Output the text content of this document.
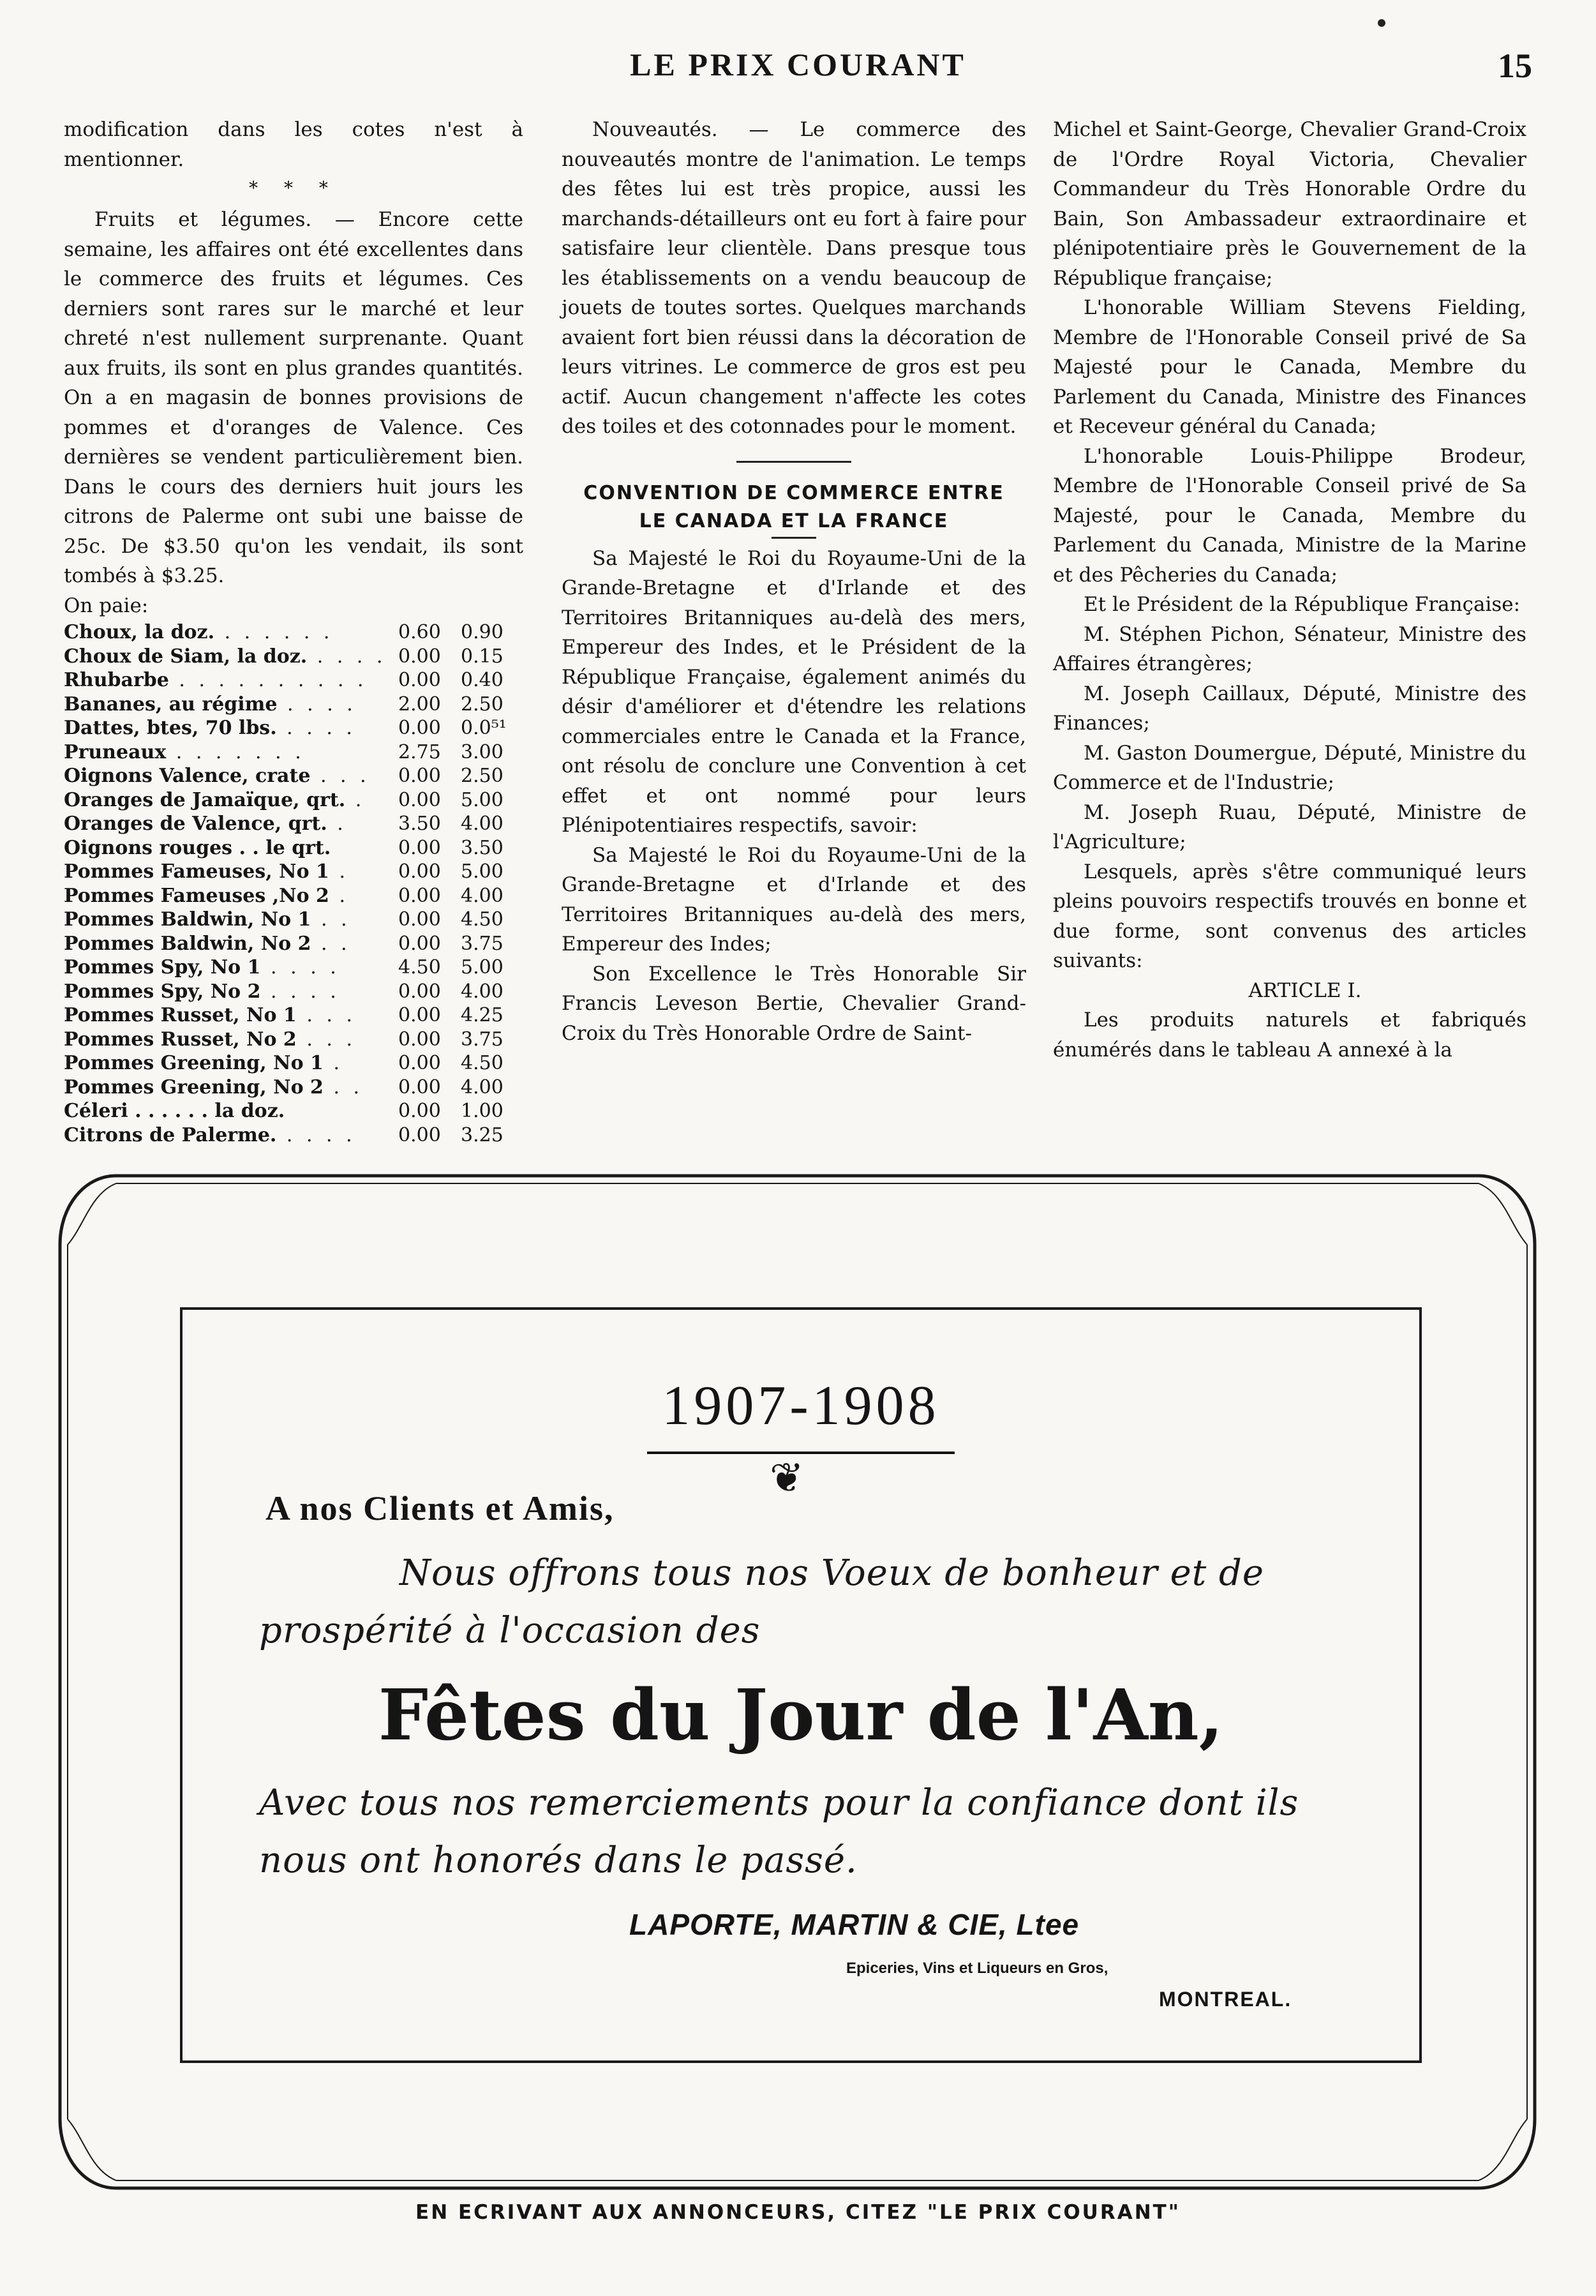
LE PRIX COURANT	15

modification dans les cotes n'est à mentionner.

* * *

Fruits et légumes. — Encore cette semaine, les affaires ont été excellentes dans le commerce des fruits et légumes. Ces derniers sont rares sur le marché et leur chreté n'est nullement surprenante. Quant aux fruits, ils sont en plus grandes quantités. On a en magasin de bonnes provisions de pommes et d'oranges de Valence. Ces dernières se vendent particulièrement bien. Dans le cours des derniers huit jours les citrons de Palerme ont subi une baisse de 25c. De $3.50 qu'on les vendait, ils sont tombés à $3.25.

On paie:

Choux, la doz. . . . . . .	0.60	0.90
Choux de Siam, la doz. . . . .	0.00	0.15
Rhubarbe . . . . . . . . . .	0.00	0.40
Bananes, au régime . . . .	2.00	2.50
Dattes, btes, 70 lbs. . . . .	0.00	0.0⁵¹
Pruneaux . . . . . . .	2.75	3.00
Oignons Valence, crate . . .	0.00	2.50
Oranges de Jamaïque, qrt. .	0.00	5.00
Oranges de Valence, qrt. .	3.50	4.00
Oignons rouges . . le qrt.	0.00	3.50
Pommes Fameuses, No 1 .	0.00	5.00
Pommes Fameuses ,No 2 .	0.00	4.00
Pommes Baldwin, No 1 . .	0.00	4.50
Pommes Baldwin, No 2 . .	0.00	3.75
Pommes Spy, No 1 . . . .	4.50	5.00
Pommes Spy, No 2 . . . .	0.00	4.00
Pommes Russet, No 1 . . .	0.00	4.25
Pommes Russet, No 2 . . .	0.00	3.75
Pommes Greening, No 1 .	0.00	4.50
Pommes Greening, No 2 . .	0.00	4.00
Céleri . . . . . . la doz.	0.00	1.00
Citrons de Palerme. . . . .	0.00	3.25

Nouveautés. — Le commerce des nouveautés montre de l'animation. Le temps des fêtes lui est très propice, aussi les marchands-détailleurs ont eu fort à faire pour satisfaire leur clientèle. Dans presque tous les établissements on a vendu beaucoup de jouets de toutes sortes. Quelques marchands avaient fort bien réussi dans la décoration de leurs vitrines. Le commerce de gros est peu actif. Aucun changement n'affecte les cotes des toiles et des cotonnades pour le moment.

CONVENTION DE COMMERCE ENTRE
LE CANADA ET LA FRANCE

Sa Majesté le Roi du Royaume-Uni de la Grande-Bretagne et d'Irlande et des Territoires Britanniques au-delà des mers, Empereur des Indes, et le Président de la République Française, également animés du désir d'améliorer et d'étendre les relations commerciales entre le Canada et la France, ont résolu de conclure une Convention à cet effet et ont nommé pour leurs Plénipotentiaires respectifs, savoir:

Sa Majesté le Roi du Royaume-Uni de la Grande-Bretagne et d'Irlande et des Territoires Britanniques au-delà des mers, Empereur des Indes;

Son Excellence le Très Honorable Sir Francis Leveson Bertie, Chevalier Grand-Croix du Très Honorable Ordre de Saint-

Michel et Saint-George, Chevalier Grand-Croix de l'Ordre Royal Victoria, Chevalier Commandeur du Très Honorable Ordre du Bain, Son Ambassadeur extraordinaire et plénipotentiaire près le Gouvernement de la République française;

L'honorable William Stevens Fielding, Membre de l'Honorable Conseil privé de Sa Majesté pour le Canada, Membre du Parlement du Canada, Ministre des Finances et Receveur général du Canada;

L'honorable Louis-Philippe Brodeur, Membre de l'Honorable Conseil privé de Sa Majesté, pour le Canada, Membre du Parlement du Canada, Ministre de la Marine et des Pêcheries du Canada;

Et le Président de la République Française:

M. Stéphen Pichon, Sénateur, Ministre des Affaires étrangères;

M. Joseph Caillaux, Député, Ministre des Finances;

M. Gaston Doumergue, Député, Ministre du Commerce et de l'Industrie;

M. Joseph Ruau, Député, Ministre de l'Agriculture;

Lesquels, après s'être communiqué leurs pleins pouvoirs respectifs trouvés en bonne et due forme, sont convenus des articles suivants:

ARTICLE I.

Les produits naturels et fabriqués énumérés dans le tableau A annexé à la

1907-1908
❦
A nos Clients et Amis,
Nous offrons tous nos Voeux de bonheur et de
prospérité à l'occasion des
Fêtes du Jour de l'An,
Avec tous nos remerciements pour la confiance dont ils
nous ont honorés dans le passé.
LAPORTE, MARTIN & CIE, Ltee
Epiceries, Vins et Liqueurs en Gros,
MONTREAL.
EN ECRIVANT AUX ANNONCEURS, CITEZ "LE PRIX COURANT"
